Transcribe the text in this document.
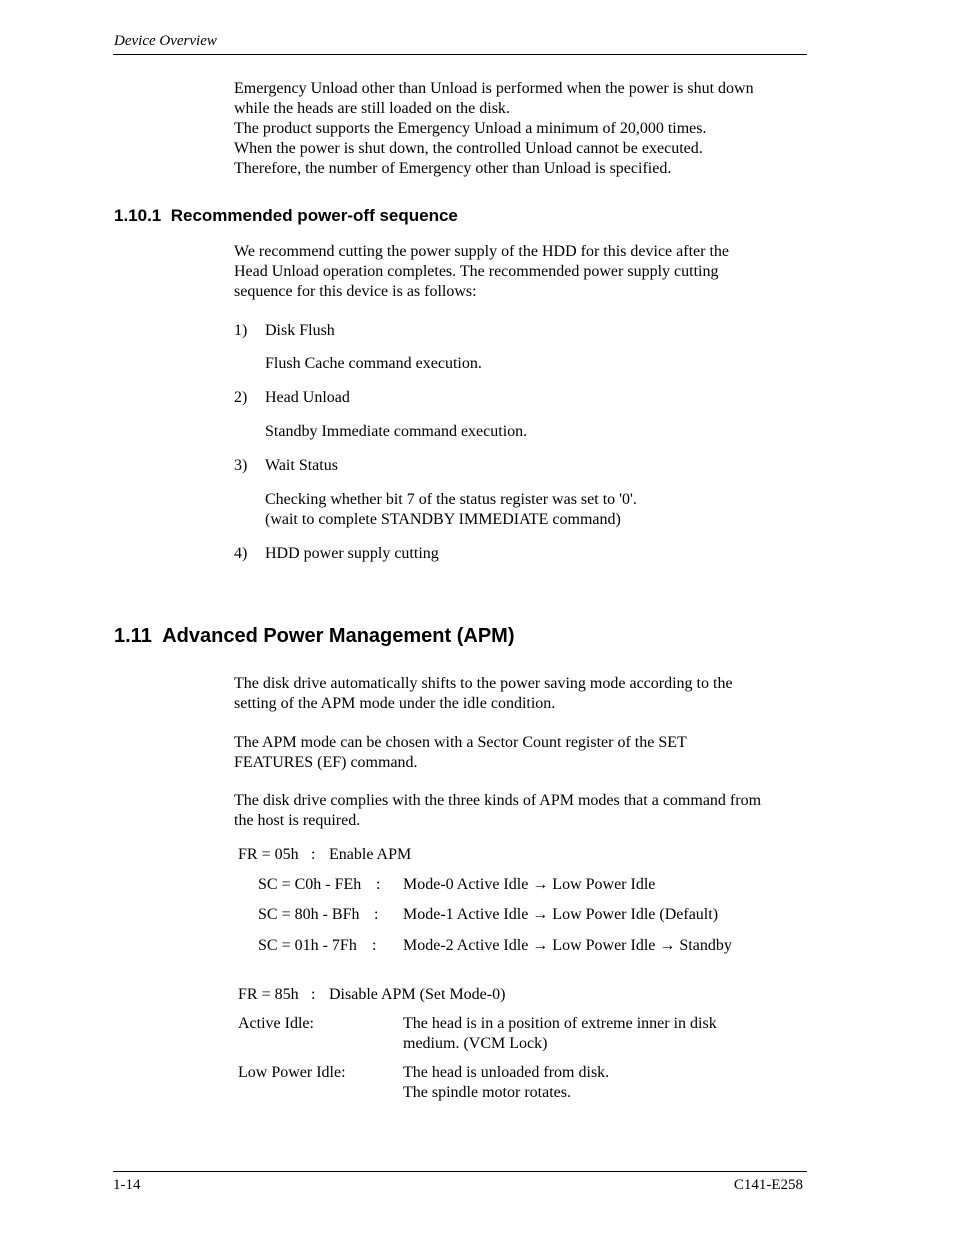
Device Overview
Emergency Unload other than Unload is performed when the power is shut down
while the heads are still loaded on the disk.
The product supports the Emergency Unload a minimum of 20,000 times.
When the power is shut down, the controlled Unload cannot be executed.
Therefore, the number of Emergency other than Unload is specified.
1.10.1 Recommended power-off sequence
We recommend cutting the power supply of the HDD for this device after the
Head Unload operation completes. The recommended power supply cutting
sequence for this device is as follows:
1) Disk Flush
Flush Cache command execution.
2) Head Unload
Standby Immediate command execution.
3) Wait Status
Checking whether bit 7 of the status register was set to '0'.
(wait to complete STANDBY IMMEDIATE command)
4) HDD power supply cutting
1.11 Advanced Power Management (APM)
The disk drive automatically shifts to the power saving mode according to the
setting of the APM mode under the idle condition.
The APM mode can be chosen with a Sector Count register of the SET
FEATURES (EF) command.
The disk drive complies with the three kinds of APM modes that a command from
the host is required.
FR = 05h : Enable APM
SC = C0h - FEh : Mode-0 Active Idle → Low Power Idle
SC = 80h - BFh : Mode-1 Active Idle → Low Power Idle (Default)
SC = 01h - 7Fh : Mode-2 Active Idle → Low Power Idle → Standby
FR = 85h : Disable APM (Set Mode-0)
Active Idle:	The head is in a position of extreme inner in disk
medium. (VCM Lock)
Low Power Idle:	The head is unloaded from disk.
The spindle motor rotates.
1-14	C141-E258
